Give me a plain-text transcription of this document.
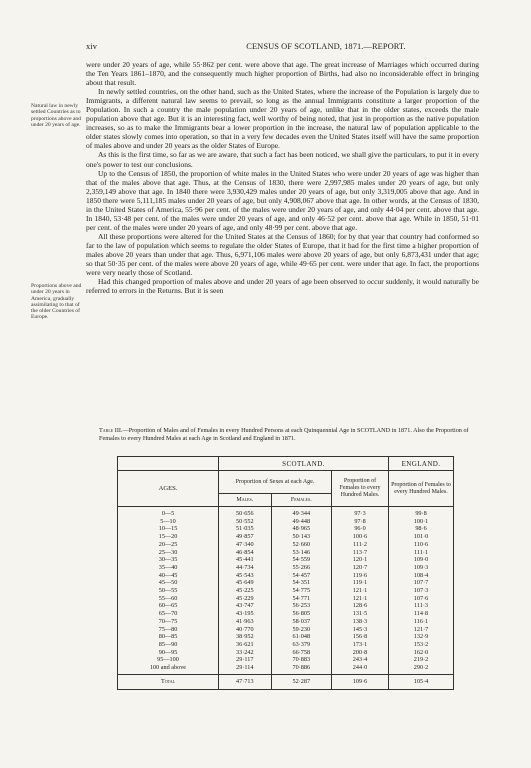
xiv	CENSUS OF SCOTLAND, 1871.—REPORT.
Natural law in newly settled Countries as to proportions above and under 20 years of age.
Proportions above and under 20 years in America, gradually assimilating to that of the older Countries of Europe.

were under 20 years of age, while 55·862 per cent. were above that age. The great increase of Marriages which occurred during the Ten Years 1861–1870, and the consequently much higher proportion of Births, had also no inconsiderable effect in bringing about that result.

In newly settled countries, on the other hand, such as the United States, where the increase of the Population is largely due to Immigrants, a different natural law seems to prevail, so long as the annual Immigrants constitute a larger proportion of the Population. In such a country the male population under 20 years of age, unlike that in the older states, exceeds the male population above that age. But it is an interesting fact, well worthy of being noted, that just in proportion as the native population increases, so as to make the Immigrants bear a lower proportion in the increase, the natural law of population applicable to the older states slowly comes into operation, so that in a very few decades even the United States itself will have the same proportion of males above and under 20 years as the older States of Europe.

As this is the first time, so far as we are aware, that such a fact has been noticed, we shall give the particulars, to put it in every one's power to test our conclusions.

Up to the Census of 1850, the proportion of white males in the United States who were under 20 years of age was higher than that of the males above that age. Thus, at the Census of 1830, there were 2,997,985 males under 20 years of age, but only 2,359,149 above that age. In 1840 there were 3,930,429 males under 20 years of age, but only 3,319,005 above that age. And in 1850 there were 5,111,185 males under 20 years of age, but only 4,908,067 above that age. In other words, at the Census of 1830, in the United States of America, 55·96 per cent. of the males were under 20 years of age, and only 44·04 per cent. above that age. In 1840, 53·48 per cent. of the males were under 20 years of age, and only 46·52 per cent. above that age. While in 1850, 51·01 per cent. of the males were under 20 years of age, and only 48·99 per cent. above that age.

All these proportions were altered for the United States at the Census of 1860; for by that year that country had conformed so far to the law of population which seems to regulate the older States of Europe, that it had for the first time a higher proportion of males above 20 years than under that age. Thus, 6,971,106 males were above 20 years of age, but only 6,873,431 under that age; so that 50·35 per cent. of the males were above 20 years of age, while 49·65 per cent. were under that age. In fact, the proportions were very nearly those of Scotland.

Had this changed proportion of males above and under 20 years of age been observed to occur suddenly, it would naturally be referred to errors in the Returns. But it is seen

Table III.—Proportion of Males and of Females in every Hundred Persons at each Quinquennial Age in SCOTLAND in 1871. Also the Proportion of Females to every Hundred Males at each Age in Scotland and England in 1871.
	SCOTLAND.			ENGLAND.
AGES.	Proportion of Sexes at each Age.		Proportion of Females to every Hundred Males.	Proportion of Females to every Hundred Males.
	Males.	Females.		
0—5	50·656	49·344	97·3	99·8
5—10	50·552	49·448	97·8	100·1
10—15	51·035	48·965	96·0	98·6
15—20	49·857	50·143	100·6	101·0
20—25	47·340	52·660	111·2	110·6
25—30	46·854	53·146	113·7	111·1
30—35	45·441	54·559	120·1	109·0
35—40	44·734	55·266	120·7	109·3
40—45	45·543	54·457	119·6	108·4
45—50	45·649	54·351	119·1	107·7
50—55	45·225	54·775	121·1	107·3
55—60	45·229	54·771	121·1	107·6
60—65	43·747	56·253	128·6	111·3
65—70	43·195	56·805	131·5	114·8
70—75	41·963	58·037	138·3	116·1
75—80	40·770	59·230	145·3	121·7
80—85	38·952	61·048	156·8	132·9
85—90	36·621	63·379	173·1	153·2
90—95	33·242	66·758	200·8	162·0
95—100	29·117	70·883	243·4	219·2
100 and above	29·114	70·886	244·0	290·2
Total	47·713	52·287	109·6	105·4
